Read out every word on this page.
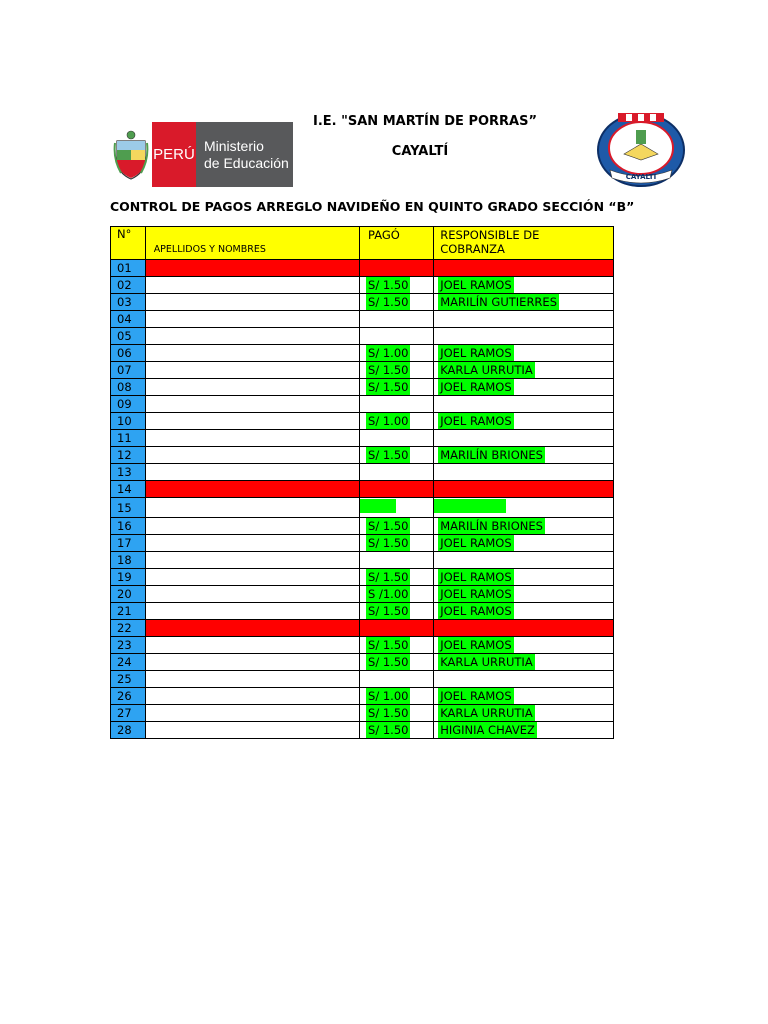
PERÚ
Ministerio
de Educación
I.E. "SAN MARTÍN DE PORRAS”
CAYALTÍ
CAYALTI
CONTROL DE PAGOS ARREGLO NAVIDEÑO EN QUINTO GRADO SECCIÓN “B”
N°	APELLIDOS Y NOMBRES	PAGÓ	RESPONSIBLE DE
COBRANZA

01			
02		S/ 1.50	JOEL RAMOS
03		S/ 1.50	MARILÍN GUTIERRES
04			
05			
06		S/ 1.00	JOEL RAMOS
07		S/ 1.50	KARLA URRUTIA
08		S/ 1.50	JOEL RAMOS
09			
10		S/ 1.00	JOEL RAMOS
11			
12		S/ 1.50	MARILÍN BRIONES
13			
14			
15			
16		S/ 1.50	MARILÍN BRIONES
17		S/ 1.50	JOEL RAMOS
18			
19		S/ 1.50	JOEL RAMOS
20		S /1.00	JOEL RAMOS
21		S/ 1.50	JOEL RAMOS
22			
23		S/ 1.50	JOEL RAMOS
24		S/ 1.50	KARLA URRUTIA
25			
26		S/ 1.00	JOEL RAMOS
27		S/ 1.50	KARLA URRUTIA
28		S/ 1.50	HIGINIA CHAVEZ
